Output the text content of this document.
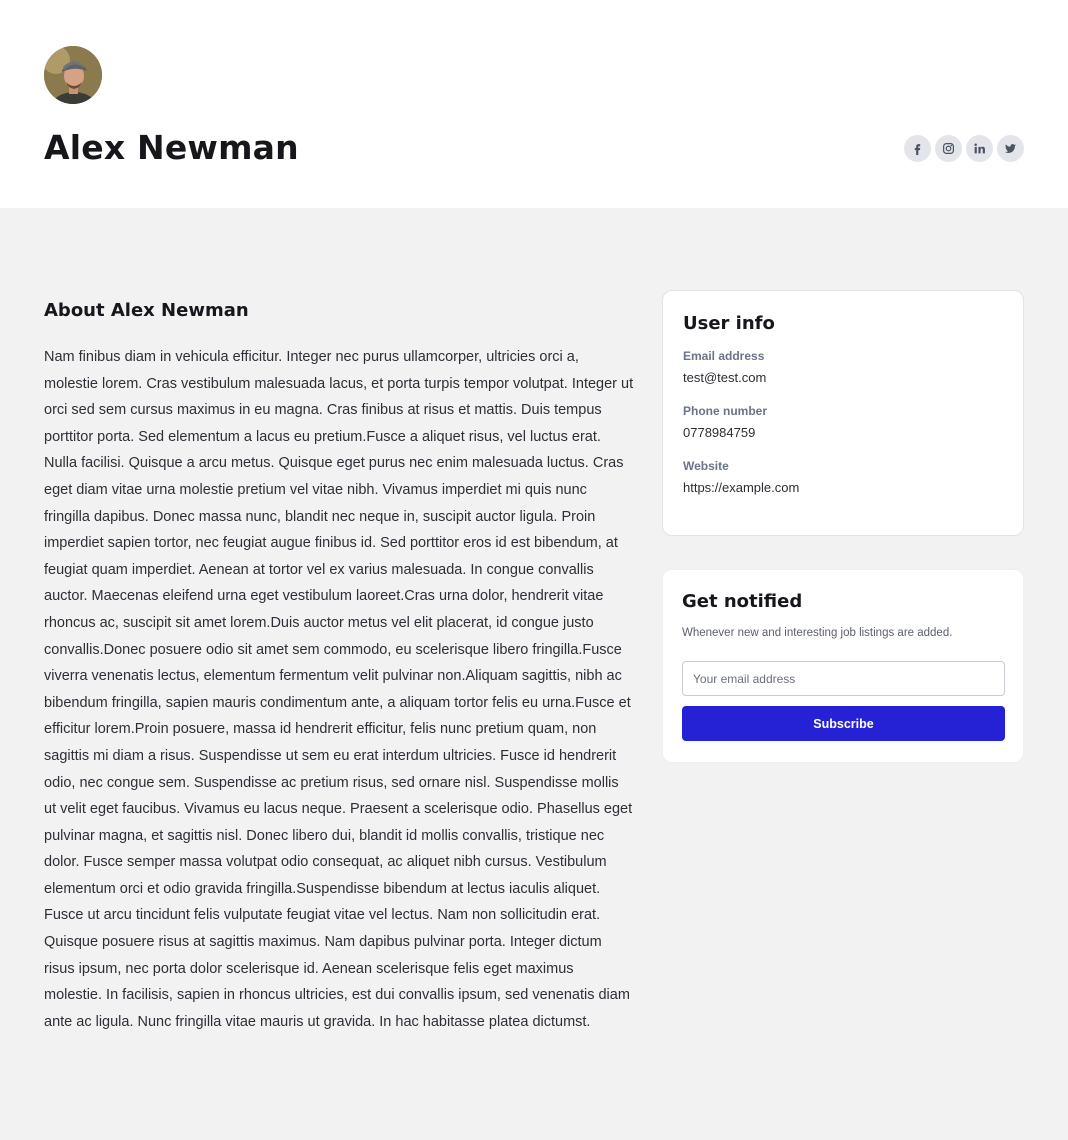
Alex Newman
About Alex Newman

Nam finibus diam in vehicula efficitur. Integer nec purus ullamcorper, ultricies orci a, molestie lorem. Cras vestibulum malesuada lacus, et porta turpis tempor volutpat. Integer ut orci sed sem cursus maximus in eu magna. Cras finibus at risus et mattis. Duis tempus porttitor porta. Sed elementum a lacus eu pretium.Fusce a aliquet risus, vel luctus erat. Nulla facilisi. Quisque a arcu metus. Quisque eget purus nec enim malesuada luctus. Cras eget diam vitae urna molestie pretium vel vitae nibh. Vivamus imperdiet mi quis nunc fringilla dapibus. Donec massa nunc, blandit nec neque in, suscipit auctor ligula. Proin imperdiet sapien tortor, nec feugiat augue finibus id. Sed porttitor eros id est bibendum, at feugiat quam imperdiet. Aenean at tortor vel ex varius malesuada. In congue convallis auctor. Maecenas eleifend urna eget vestibulum laoreet.Cras urna dolor, hendrerit vitae rhoncus ac, suscipit sit amet lorem.Duis auctor metus vel elit placerat, id congue justo convallis.Donec posuere odio sit amet sem commodo, eu scelerisque libero fringilla.Fusce viverra venenatis lectus, elementum fermentum velit pulvinar non.Aliquam sagittis, nibh ac bibendum fringilla, sapien mauris condimentum ante, a aliquam tortor felis eu urna.Fusce et efficitur lorem.Proin posuere, massa id hendrerit efficitur, felis nunc pretium quam, non sagittis mi diam a risus. Suspendisse ut sem eu erat interdum ultricies. Fusce id hendrerit odio, nec congue sem. Suspendisse ac pretium risus, sed ornare nisl. Suspendisse mollis ut velit eget faucibus. Vivamus eu lacus neque. Praesent a scelerisque odio. Phasellus eget pulvinar magna, et sagittis nisl. Donec libero dui, blandit id mollis convallis, tristique nec dolor. Fusce semper massa volutpat odio consequat, ac aliquet nibh cursus. Vestibulum elementum orci et odio gravida fringilla.Suspendisse bibendum at lectus iaculis aliquet. Fusce ut arcu tincidunt felis vulputate feugiat vitae vel lectus. Nam non sollicitudin erat. Quisque posuere risus at sagittis maximus. Nam dapibus pulvinar porta. Integer dictum risus ipsum, nec porta dolor scelerisque id. Aenean scelerisque felis eget maximus molestie. In facilisis, sapien in rhoncus ultricies, est dui convallis ipsum, sed venenatis diam ante ac ligula. Nunc fringilla vitae mauris ut gravida. In hac habitasse platea dictumst.

User info
Email address
test@test.com
Phone number
0778984759
Website
https://example.com
Get notified

Whenever new and interesting job listings are added.

Your email address
Subscribe
